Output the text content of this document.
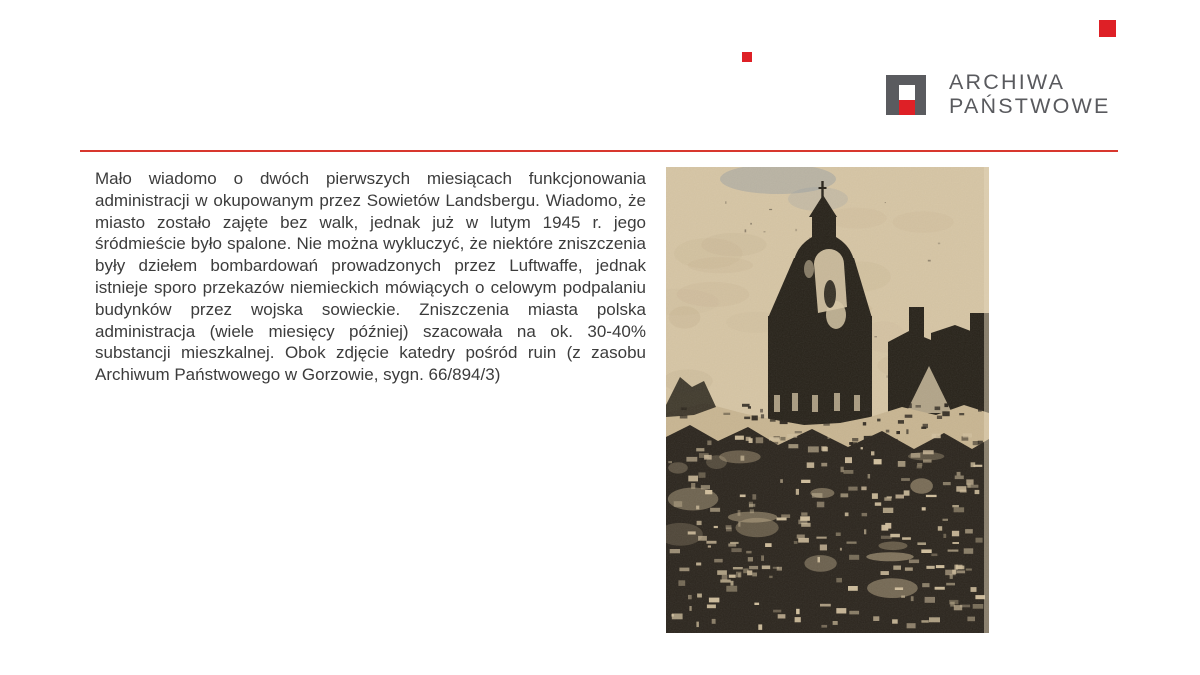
ARCHIWA
PAŃSTWOWE

Mało wiadomo o dwóch pierwszych miesiącach funkcjonowania administracji w okupowanym przez Sowietów Landsbergu. Wiadomo, że miasto zostało zajęte bez walk, jednak już w lutym 1945 r. jego śródmieście było spalone. Nie można wykluczyć, że niektóre zniszczenia były dziełem bombardowań prowadzonych przez Luftwaffe, jednak istnieje sporo przekazów niemieckich mówiących o celowym podpalaniu budynków przez wojska sowieckie. Zniszczenia miasta polska administracja (wiele miesięcy później) szacowała na ok. 30-40% substancji mieszkalnej. Obok zdjęcie katedry pośród ruin (z zasobu Archiwum Państwowego w Gorzowie, sygn. 66/894/3)
